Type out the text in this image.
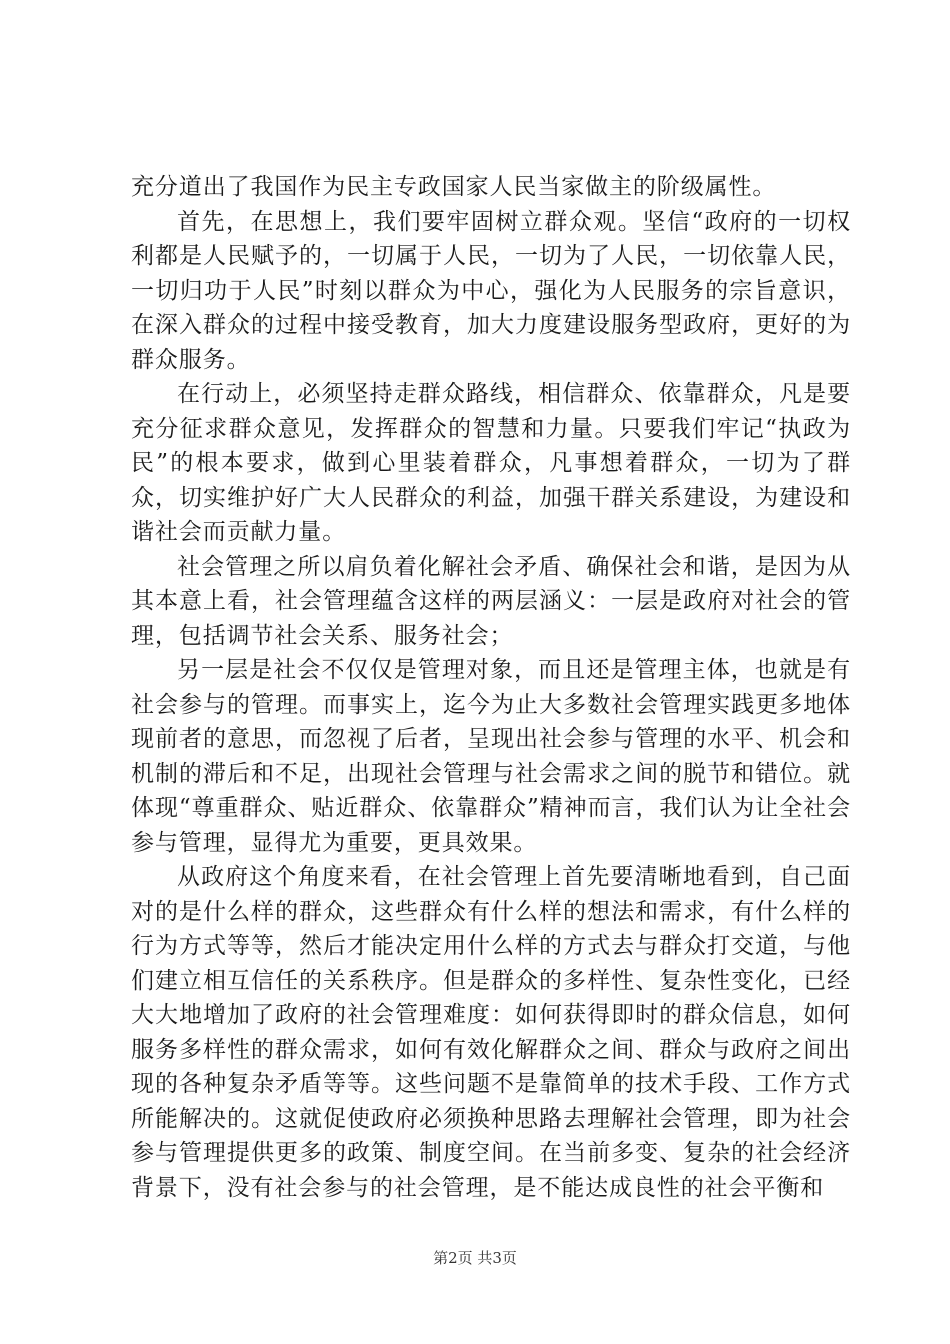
充分道出了我国作为民主专政国家人民当家做主的阶级属性。

首先，在思想上，我们要牢固树立群众观。坚信“政府的一切权利都是人民赋予的，一切属于人民，一切为了人民，一切依靠人民，一切归功于人民”时刻以群众为中心，强化为人民服务的宗旨意识，在深入群众的过程中接受教育，加大力度建设服务型政府，更好的为群众服务。

在行动上，必须坚持走群众路线，相信群众、依靠群众，凡是要充分征求群众意见，发挥群众的智慧和力量。只要我们牢记“执政为民”的根本要求，做到心里装着群众，凡事想着群众，一切为了群众，切实维护好广大人民群众的利益，加强干群关系建设，为建设和谐社会而贡献力量。

社会管理之所以肩负着化解社会矛盾、确保社会和谐，是因为从其本意上看，社会管理蕴含这样的两层涵义：一层是政府对社会的管理，包括调节社会关系、服务社会；

另一层是社会不仅仅是管理对象，而且还是管理主体，也就是有社会参与的管理。而事实上，迄今为止大多数社会管理实践更多地体现前者的意思，而忽视了后者，呈现出社会参与管理的水平、机会和机制的滞后和不足，出现社会管理与社会需求之间的脱节和错位。就体现“尊重群众、贴近群众、依靠群众”精神而言，我们认为让全社会参与管理，显得尤为重要，更具效果。

从政府这个角度来看，在社会管理上首先要清晰地看到，自己面对的是什么样的群众，这些群众有什么样的想法和需求，有什么样的行为方式等等，然后才能决定用什么样的方式去与群众打交道，与他们建立相互信任的关系秩序。但是群众的多样性、复杂性变化，已经大大地增加了政府的社会管理难度：如何获得即时的群众信息，如何服务多样性的群众需求，如何有效化解群众之间、群众与政府之间出现的各种复杂矛盾等等。这些问题不是靠简单的技术手段、工作方式所能解决的。这就促使政府必须换种思路去理解社会管理，即为社会参与管理提供更多的政策、制度空间。在当前多变、复杂的社会经济背景下，没有社会参与的社会管理，是不能达成良性的社会平衡和

第2页 共3页
